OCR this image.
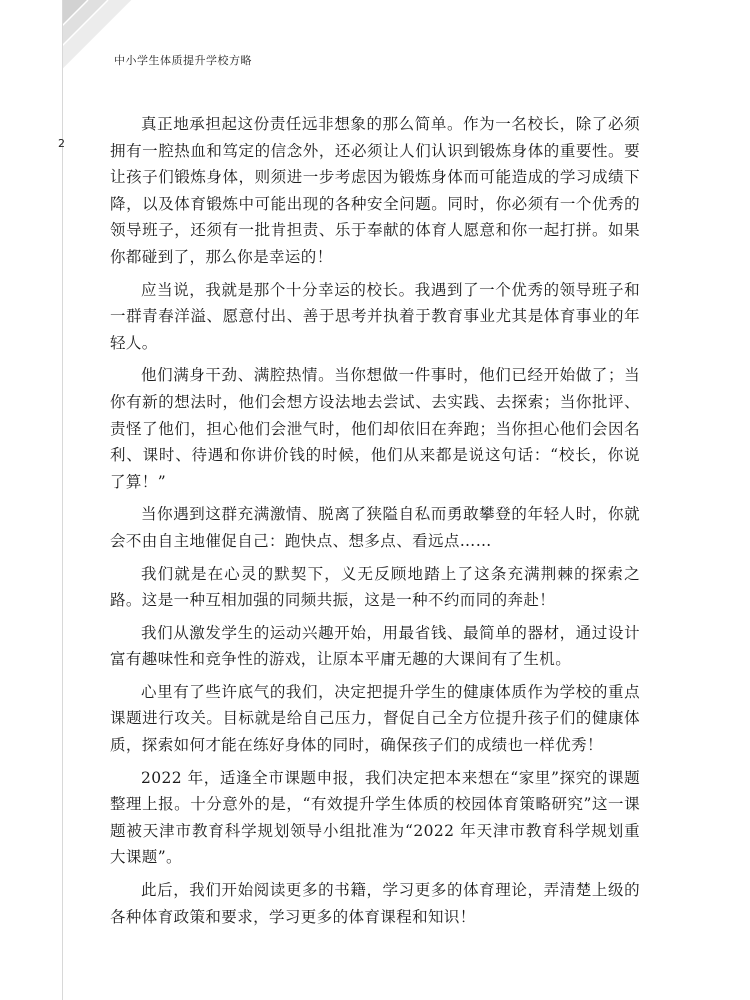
中小学生体质提升学校方略
2

真正地承担起这份责任远非想象的那么简单。作为一名校长，除了必须拥有一腔热血和笃定的信念外，还必须让人们认识到锻炼身体的重要性。要让孩子们锻炼身体，则须进一步考虑因为锻炼身体而可能造成的学习成绩下降，以及体育锻炼中可能出现的各种安全问题。同时，你必须有一个优秀的领导班子，还须有一批肯担责、乐于奉献的体育人愿意和你一起打拼。如果你都碰到了，那么你是幸运的！

应当说，我就是那个十分幸运的校长。我遇到了一个优秀的领导班子和一群青春洋溢、愿意付出、善于思考并执着于教育事业尤其是体育事业的年轻人。

他们满身干劲、满腔热情。当你想做一件事时，他们已经开始做了；当你有新的想法时，他们会想方设法地去尝试、去实践、去探索；当你批评、责怪了他们，担心他们会泄气时，他们却依旧在奔跑；当你担心他们会因名利、课时、待遇和你讲价钱的时候，他们从来都是说这句话：“校长，你说了算！”

当你遇到这群充满激情、脱离了狭隘自私而勇敢攀登的年轻人时，你就会不由自主地催促自己：跑快点、想多点、看远点……

我们就是在心灵的默契下，义无反顾地踏上了这条充满荆棘的探索之路。这是一种互相加强的同频共振，这是一种不约而同的奔赴！

我们从激发学生的运动兴趣开始，用最省钱、最简单的器材，通过设计富有趣味性和竞争性的游戏，让原本平庸无趣的大课间有了生机。

心里有了些许底气的我们，决定把提升学生的健康体质作为学校的重点课题进行攻关。目标就是给自己压力，督促自己全方位提升孩子们的健康体质，探索如何才能在练好身体的同时，确保孩子们的成绩也一样优秀！

2022 年，适逢全市课题申报，我们决定把本来想在“家里”探究的课题整理上报。十分意外的是，“有效提升学生体质的校园体育策略研究”这一课题被天津市教育科学规划领导小组批准为“2022 年天津市教育科学规划重大课题”。

此后，我们开始阅读更多的书籍，学习更多的体育理论，弄清楚上级的各种体育政策和要求，学习更多的体育课程和知识！
